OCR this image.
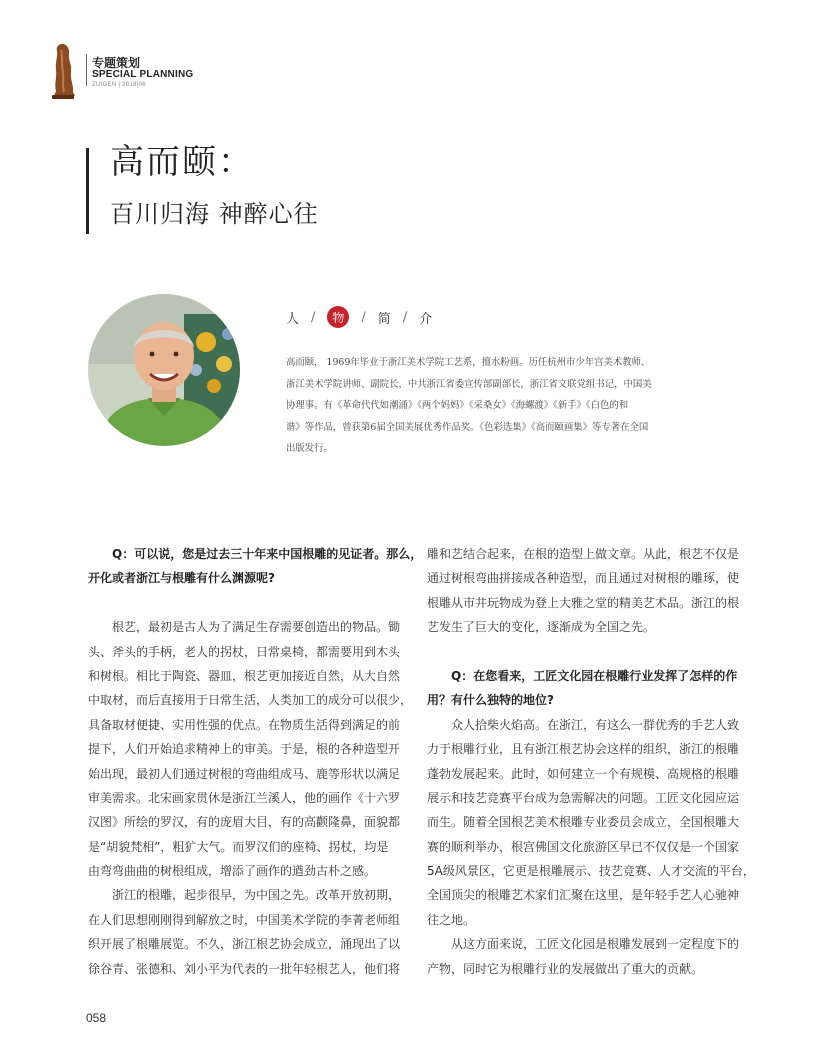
专题策划
SPECIAL PLANNING
ZUIGEN | 2018|06
高而颐：
百川归海 神醉心往
人 /	物	/ 简 / 介
高而颐， 1969年毕业于浙江美术学院工艺系，擅水粉画。历任杭州市少年宫美术教师、
浙江美术学院讲师、副院长，中共浙江省委宣传部副部长，浙江省文联党组书记，中国美
协理事。有《革命代代如潮涌》《两个妈妈》《采桑女》《海螺渡》《新手》《白色的和
谐》等作品，曾获第6届全国美展优秀作品奖。《色彩选集》《高而颐画集》等专著在全国
出版发行。
Q：可以说，您是过去三十年来中国根雕的见证者。那么，
开化或者浙江与根雕有什么渊源呢?
根艺，最初是古人为了满足生存需要创造出的物品。锄
头、斧头的手柄，老人的拐杖，日常桌椅，都需要用到木头
和树根。相比于陶瓷、器皿，根艺更加接近自然，从大自然
中取材，而后直接用于日常生活，人类加工的成分可以很少，
具备取材便捷、实用性强的优点。在物质生活得到满足的前
提下，人们开始追求精神上的审美。于是，根的各种造型开
始出现，最初人们通过树根的弯曲组成马、鹿等形状以满足
审美需求。北宋画家贯休是浙江兰溪人，他的画作《十六罗
汉图》所绘的罗汉，有的庞眉大目，有的高颧隆鼻，面貌都
是“胡貌梵相”，粗犷大气。而罗汉们的座椅、拐杖，均是
由弯弯曲曲的树根组成，增添了画作的遒劲古朴之感。
浙江的根雕，起步很早，为中国之先。改革开放初期，
在人们思想刚刚得到解放之时，中国美术学院的李菁老师组
织开展了根雕展览。不久，浙江根艺协会成立，涌现出了以
徐谷青、张德和、刘小平为代表的一批年轻根艺人，他们将
雕和艺结合起来，在根的造型上做文章。从此，根艺不仅是
通过树根弯曲拼接成各种造型，而且通过对树根的雕琢，使
根雕从市井玩物成为登上大雅之堂的精美艺术品。浙江的根
艺发生了巨大的变化，逐渐成为全国之先。
Q：在您看来，工匠文化园在根雕行业发挥了怎样的作
用？有什么独特的地位?
众人拾柴火焰高。在浙江，有这么一群优秀的手艺人致
力于根雕行业，且有浙江根艺协会这样的组织，浙江的根雕
蓬勃发展起来。此时，如何建立一个有规模、高规格的根雕
展示和技艺竞赛平台成为急需解决的问题。工匠文化园应运
而生。随着全国根艺美术根雕专业委员会成立，全国根雕大
赛的顺利举办，根宫佛国文化旅游区早已不仅仅是一个国家
5A级风景区，它更是根雕展示、技艺竞赛、人才交流的平台，
全国顶尖的根雕艺术家们汇聚在这里，是年轻手艺人心驰神
往之地。
从这方面来说，工匠文化园是根雕发展到一定程度下的
产物，同时它为根雕行业的发展做出了重大的贡献。
058
